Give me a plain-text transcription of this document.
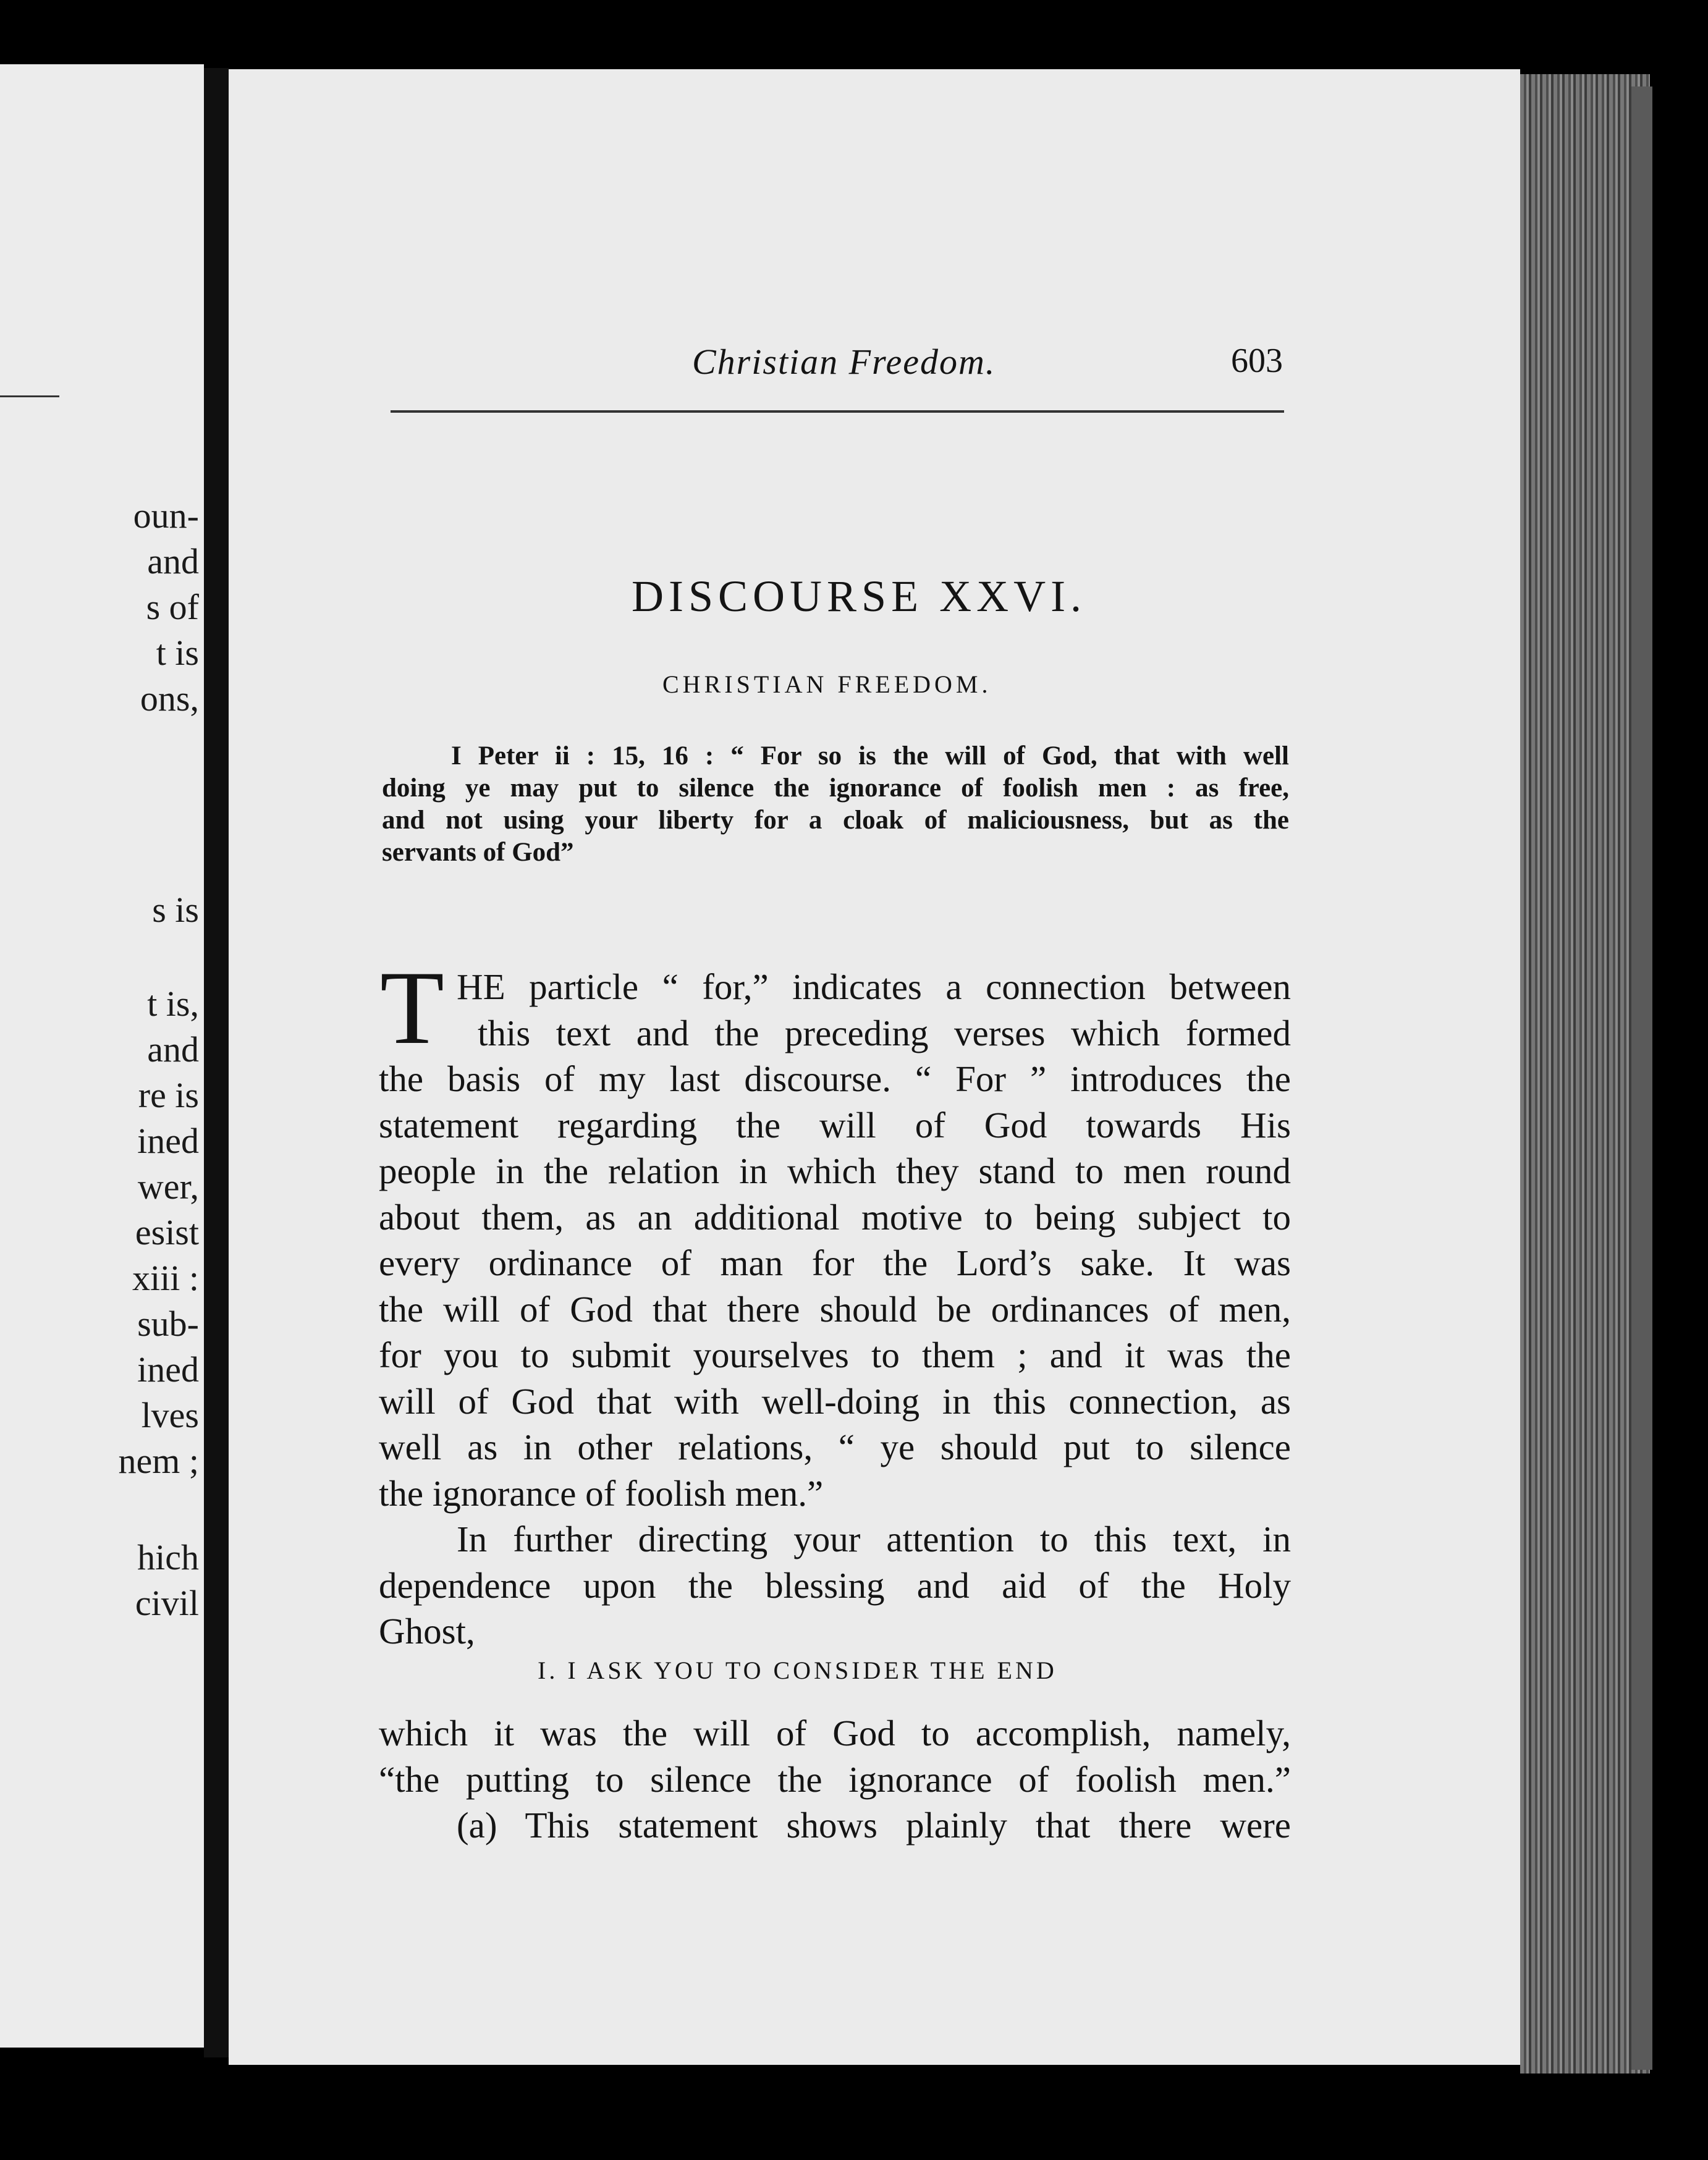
oun-
and
s of
t is
ons,
s is
t is,
and
re is
ined
wer,
esist
xiii :
sub-
ined
lves
nem ;
hich
civil
Christian Freedom.	603
DISCOURSE XXVI.
CHRISTIAN FREEDOM.
I Peter ii : 15, 16 : “ For so is the will of God, that with well
doing ye may put to silence the ignorance of foolish men : as free,
and not using your liberty for a cloak of maliciousness, but as the
servants of God”
T HE particle “ for,” indicates a connection between
this text and the preceding verses which formed
the basis of my last discourse. “ For ” introduces the
statement regarding the will of God towards His
people in the relation in which they stand to men round
about them, as an additional motive to being subject to
every ordinance of man for the Lord’s sake. It was
the will of God that there should be ordinances of men,
for you to submit yourselves to them ; and it was the
will of God that with well-doing in this connection, as
well as in other relations, “ ye should put to silence
the ignorance of foolish men.”
In further directing your attention to this text, in
dependence upon the blessing and aid of the Holy
Ghost,
I. I ASK YOU TO CONSIDER THE END
which it was the will of God to accomplish, namely,
“the putting to silence the ignorance of foolish men.”
(a) This statement shows plainly that there were
